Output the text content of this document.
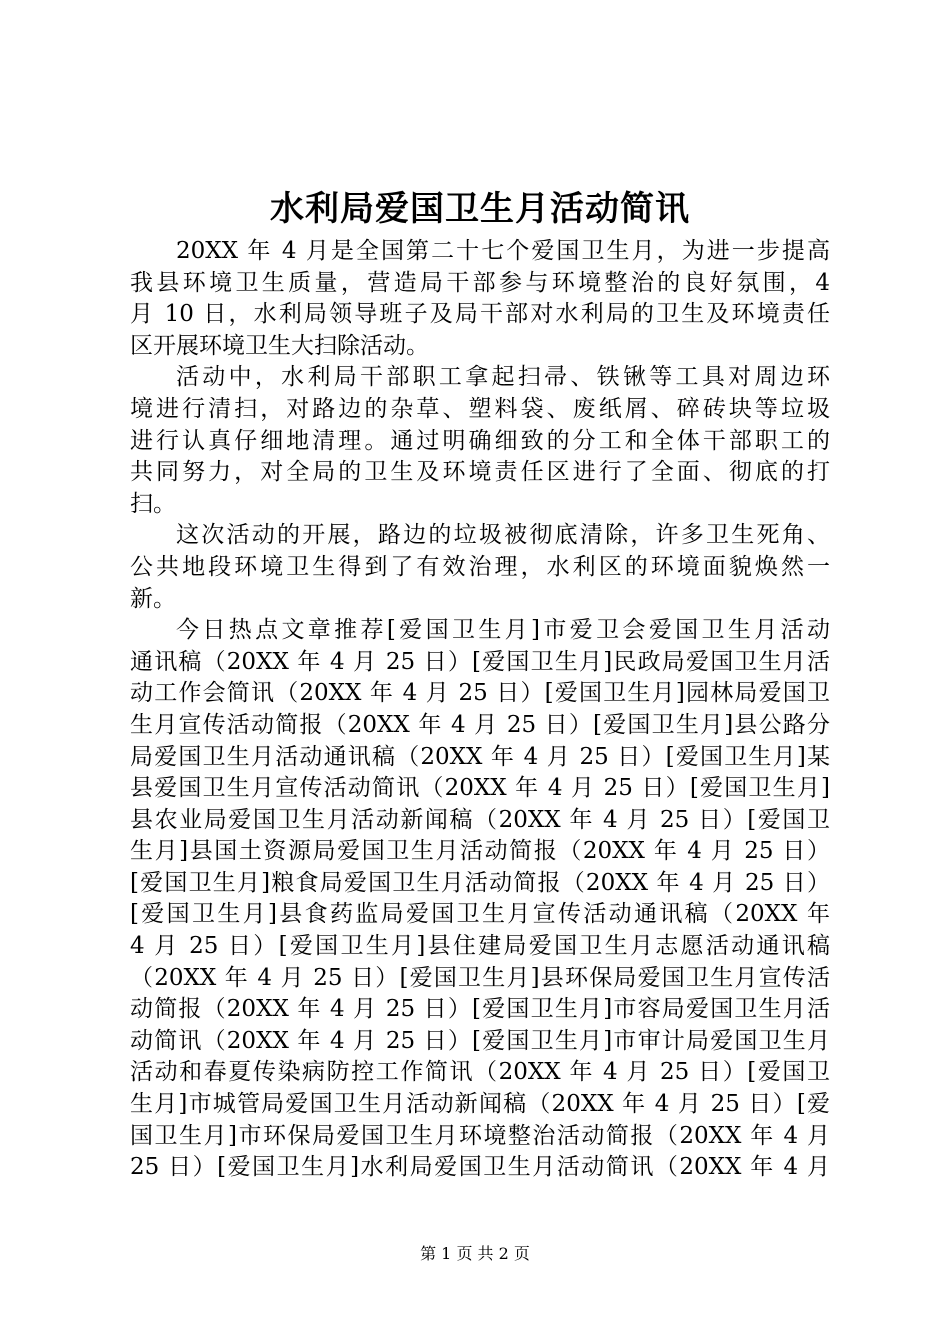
水利局爱国卫生月活动简讯
20XX 年 4 月是全国第二十七个爱国卫生月，为进一步提高
我县环境卫生质量，营造局干部参与环境整治的良好氛围，4
月 10 日，水利局领导班子及局干部对水利局的卫生及环境责任
区开展环境卫生大扫除活动。
活动中，水利局干部职工拿起扫帚、铁锹等工具对周边环
境进行清扫，对路边的杂草、塑料袋、废纸屑、碎砖块等垃圾
进行认真仔细地清理。通过明确细致的分工和全体干部职工的
共同努力，对全局的卫生及环境责任区进行了全面、彻底的打
扫。
这次活动的开展，路边的垃圾被彻底清除，许多卫生死角、
公共地段环境卫生得到了有效治理，水利区的环境面貌焕然一
新。
今日热点文章推荐[爱国卫生月]市爱卫会爱国卫生月活动
通讯稿（20XX 年 4 月 25 日）[爱国卫生月]民政局爱国卫生月活
动工作会简讯（20XX 年 4 月 25 日）[爱国卫生月]园林局爱国卫
生月宣传活动简报（20XX 年 4 月 25 日）[爱国卫生月]县公路分
局爱国卫生月活动通讯稿（20XX 年 4 月 25 日）[爱国卫生月]某
县爱国卫生月宣传活动简讯（20XX 年 4 月 25 日）[爱国卫生月]
县农业局爱国卫生月活动新闻稿（20XX 年 4 月 25 日）[爱国卫
生月]县国土资源局爱国卫生月活动简报（20XX 年 4 月 25 日）
[爱国卫生月]粮食局爱国卫生月活动简报（20XX 年 4 月 25 日）
[爱国卫生月]县食药监局爱国卫生月宣传活动通讯稿（20XX 年
4 月 25 日）[爱国卫生月]县住建局爱国卫生月志愿活动通讯稿
（20XX 年 4 月 25 日）[爱国卫生月]县环保局爱国卫生月宣传活
动简报（20XX 年 4 月 25 日）[爱国卫生月]市容局爱国卫生月活
动简讯（20XX 年 4 月 25 日）[爱国卫生月]市审计局爱国卫生月
活动和春夏传染病防控工作简讯（20XX 年 4 月 25 日）[爱国卫
生月]市城管局爱国卫生月活动新闻稿（20XX 年 4 月 25 日）[爱
国卫生月]市环保局爱国卫生月环境整治活动简报（20XX 年 4 月
25 日）[爱国卫生月]水利局爱国卫生月活动简讯（20XX 年 4 月
第 1 页 共 2 页
